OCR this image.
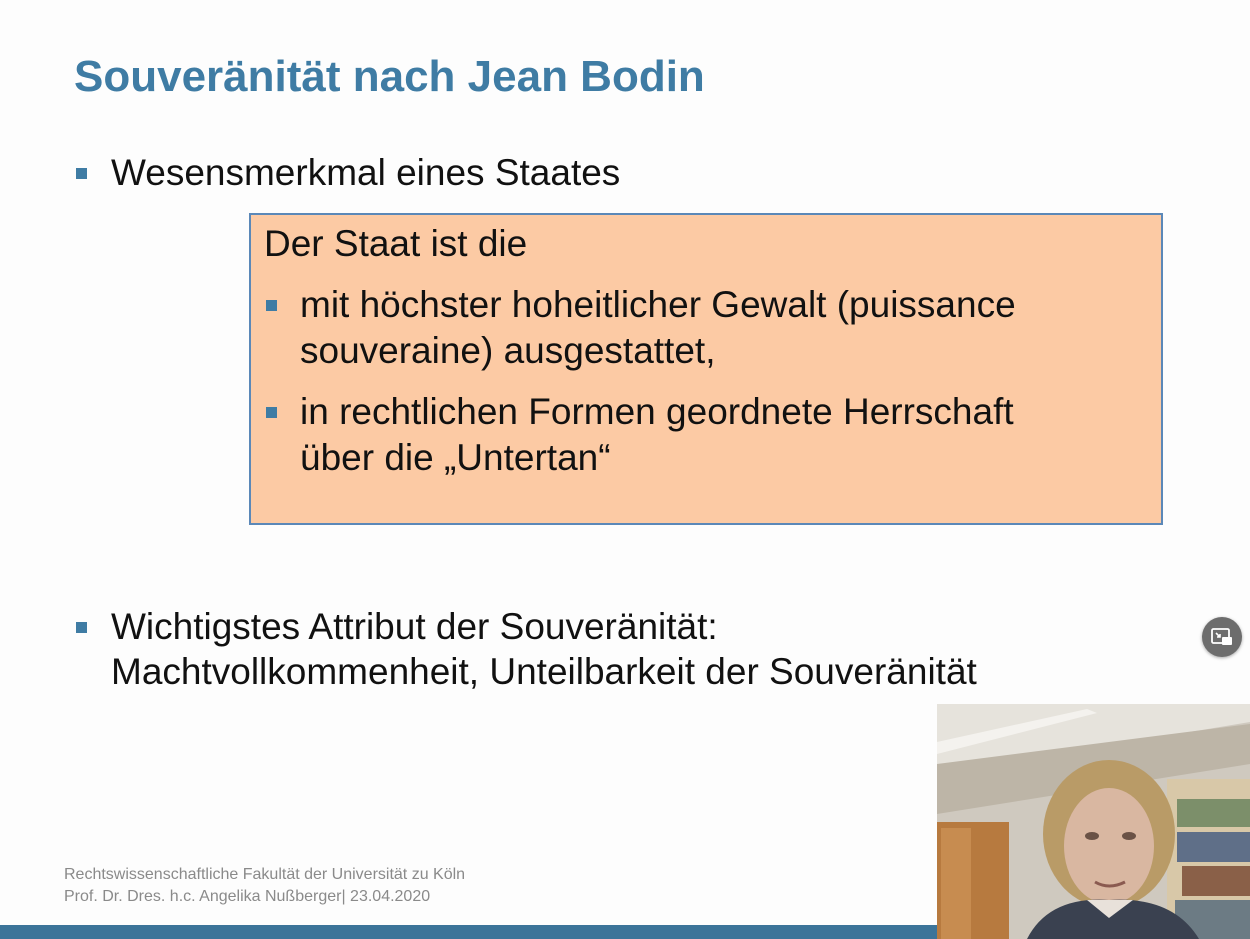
Souveränität nach Jean Bodin
Wesensmerkmal eines Staates
Der Staat ist die
mit höchster hoheitlicher Gewalt (puissance
souveraine) ausgestattet,
in rechtlichen Formen geordnete Herrschaft
über die „Untertan“
Wichtigstes Attribut der Souveränität:
Machtvollkommenheit, Unteilbarkeit der Souveränität
Rechtswissenschaftliche Fakultät der Universität zu Köln
Prof. Dr. Dres. h.c. Angelika Nußberger| 23.04.2020
